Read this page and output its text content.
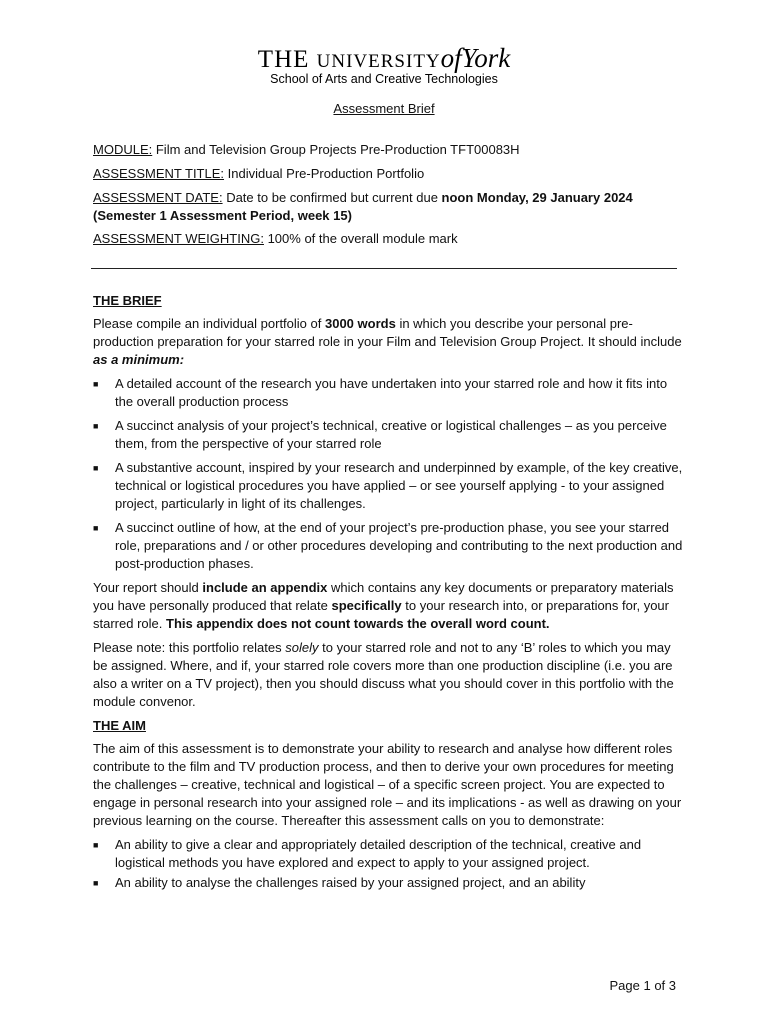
THE UNIVERSITYofYork
School of Arts and Creative Technologies
Assessment Brief
MODULE: Film and Television Group Projects Pre-Production TFT00083H
ASSESSMENT TITLE: Individual Pre-Production Portfolio
ASSESSMENT DATE: Date to be confirmed but current due noon Monday, 29 January 2024
(Semester 1 Assessment Period, week 15)
ASSESSMENT WEIGHTING: 100% of the overall module mark
THE BRIEF

Please compile an individual portfolio of 3000 words in which you describe your personal pre-production preparation for your starred role in your Film and Television Group Project. It should include as a minimum:

■ A detailed account of the research you have undertaken into your starred role and how it fits into the overall production process
■ A succinct analysis of your project’s technical, creative or logistical challenges – as you perceive them, from the perspective of your starred role
■ A substantive account, inspired by your research and underpinned by example, of the key creative, technical or logistical procedures you have applied – or see yourself applying - to your assigned project, particularly in light of its challenges.
■ A succinct outline of how, at the end of your project’s pre-production phase, you see your starred role, preparations and / or other procedures developing and contributing to the next production and post-production phases.

Your report should include an appendix which contains any key documents or preparatory materials you have personally produced that relate specifically to your research into, or preparations for, your starred role. This appendix does not count towards the overall word count.

Please note: this portfolio relates solely to your starred role and not to any ‘B’ roles to which you may be assigned. Where, and if, your starred role covers more than one production discipline (i.e. you are also a writer on a TV project), then you should discuss what you should cover in this portfolio with the module convenor.

THE AIM

The aim of this assessment is to demonstrate your ability to research and analyse how different roles contribute to the film and TV production process, and then to derive your own procedures for meeting the challenges – creative, technical and logistical – of a specific screen project. You are expected to engage in personal research into your assigned role – and its implications - as well as drawing on your previous learning on the course. Thereafter this assessment calls on you to demonstrate:

■ An ability to give a clear and appropriately detailed description of the technical, creative and logistical methods you have explored and expect to apply to your assigned project.
■ An ability to analyse the challenges raised by your assigned project, and an ability
Page 1 of 3
